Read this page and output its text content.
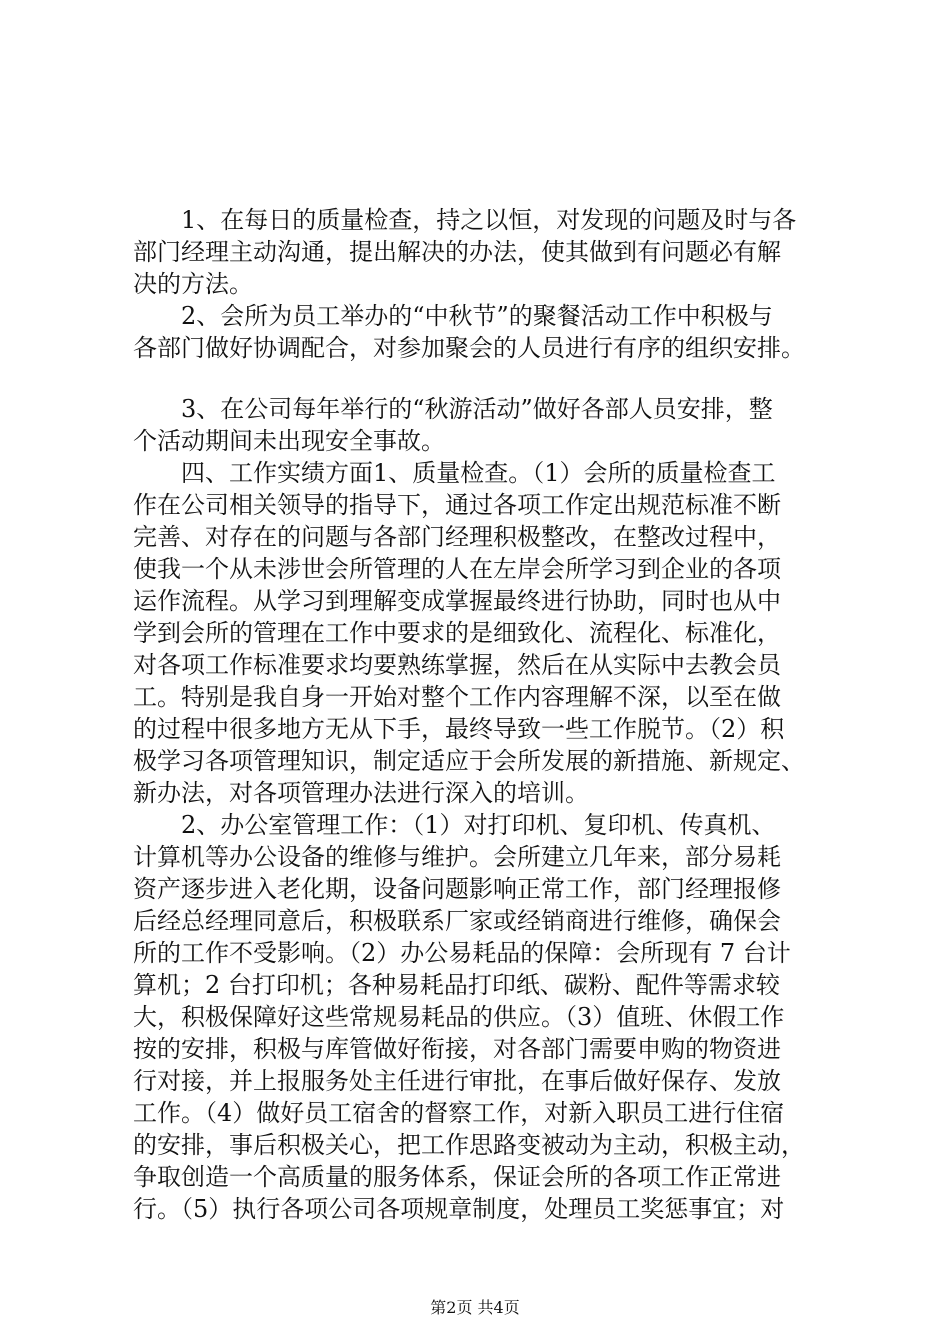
　　1、在每日的质量检查，持之以恒，对发现的问题及时与各
部门经理主动沟通，提出解决的办法，使其做到有问题必有解
决的方法。
　　2、会所为员工举办的“中秋节”的聚餐活动工作中积极与
各部门做好协调配合，对参加聚会的人员进行有序的组织安排。
　　3、在公司每年举行的“秋游活动”做好各部人员安排，整
个活动期间未出现安全事故。
　　四、工作实绩方面1、质量检查。（1）会所的质量检查工
作在公司相关领导的指导下，通过各项工作定出规范标准不断
完善、对存在的问题与各部门经理积极整改，在整改过程中，
使我一个从未涉世会所管理的人在左岸会所学习到企业的各项
运作流程。从学习到理解变成掌握最终进行协助，同时也从中
学到会所的管理在工作中要求的是细致化、流程化、标准化，
对各项工作标准要求均要熟练掌握，然后在从实际中去教会员
工。特别是我自身一开始对整个工作内容理解不深，以至在做
的过程中很多地方无从下手，最终导致一些工作脱节。（2）积
极学习各项管理知识，制定适应于会所发展的新措施、新规定、
新办法，对各项管理办法进行深入的培训。
　　2、办公室管理工作：（1）对打印机、复印机、传真机、
计算机等办公设备的维修与维护。会所建立几年来，部分易耗
资产逐步进入老化期，设备问题影响正常工作，部门经理报修
后经总经理同意后，积极联系厂家或经销商进行维修，确保会
所的工作不受影响。（2）办公易耗品的保障：会所现有 7 台计
算机；2 台打印机；各种易耗品打印纸、碳粉、配件等需求较
大，积极保障好这些常规易耗品的供应。（3）值班、休假工作
按的安排，积极与库管做好衔接，对各部门需要申购的物资进
行对接，并上报服务处主任进行审批，在事后做好保存、发放
工作。（4）做好员工宿舍的督察工作，对新入职员工进行住宿
的安排，事后积极关心，把工作思路变被动为主动，积极主动，
争取创造一个高质量的服务体系，保证会所的各项工作正常进
行。（5）执行各项公司各项规章制度，处理员工奖惩事宜；对
第2页 共4页
